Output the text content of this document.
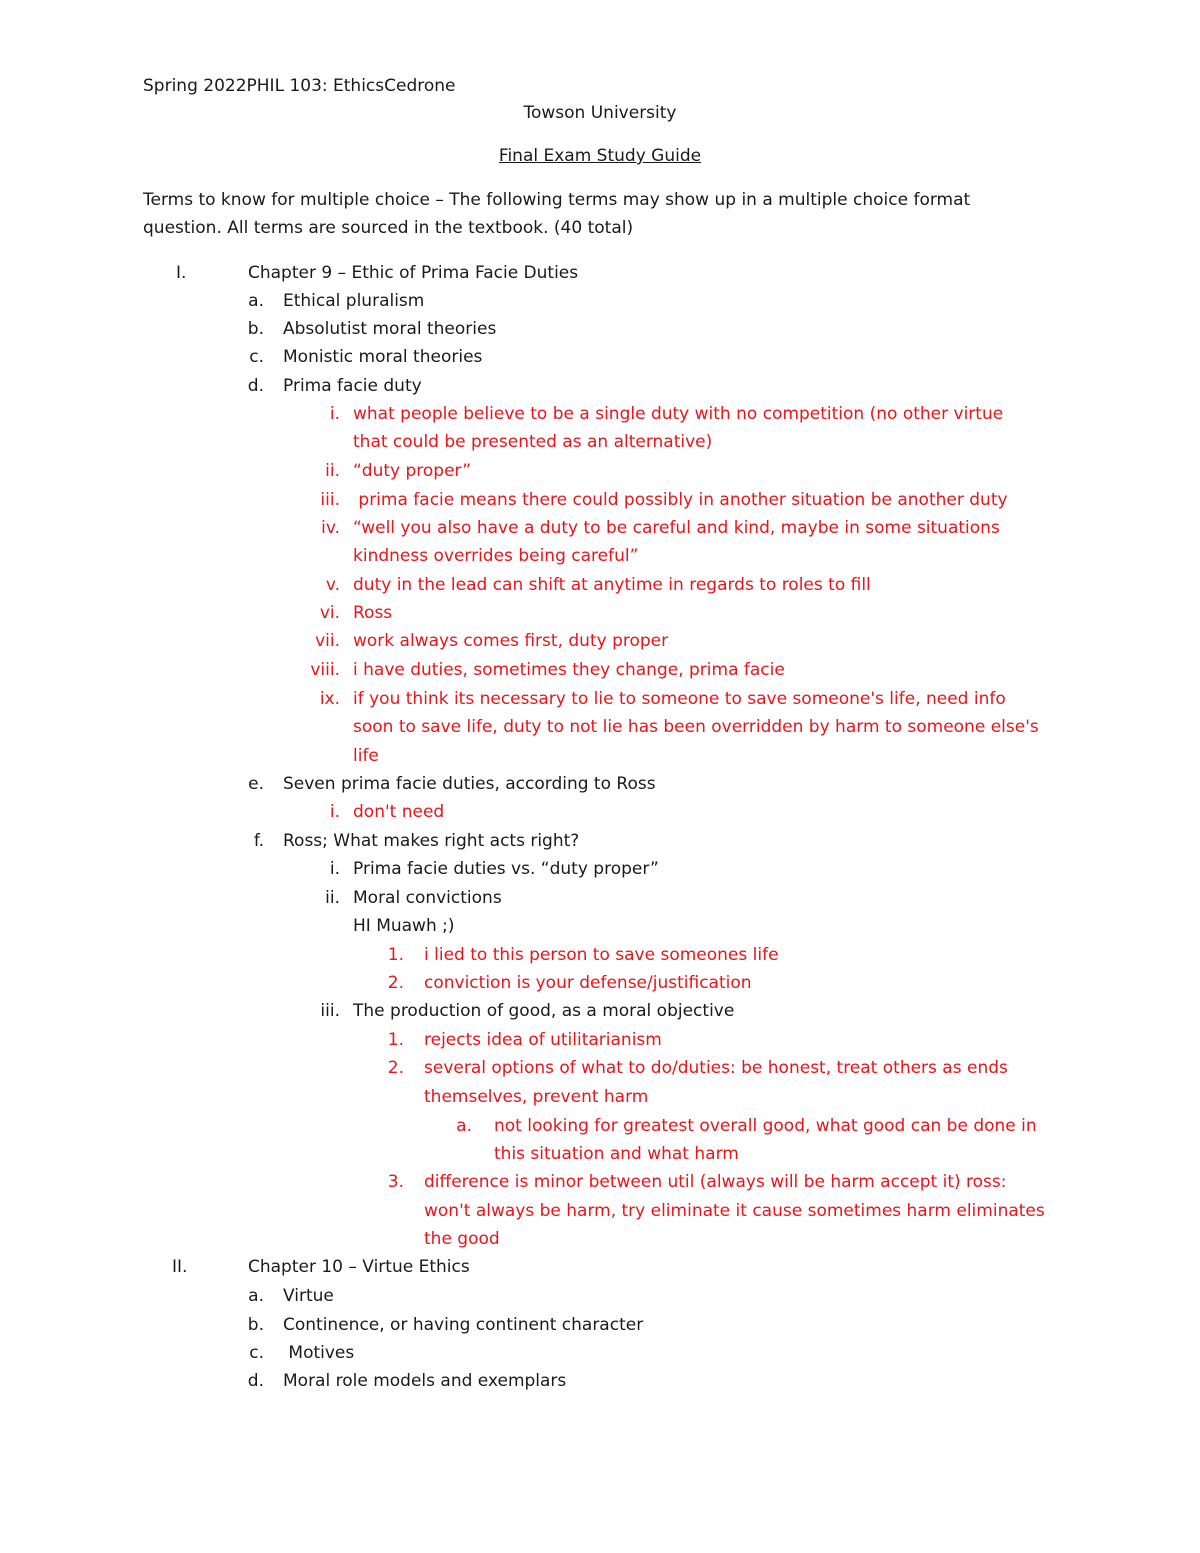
Spring 2022PHIL 103: EthicsCedrone
Towson University
Final Exam Study Guide
Terms to know for multiple choice – The following terms may show up in a multiple choice format
question. All terms are sourced in the textbook. (40 total)
I.	Chapter 9 – Ethic of Prima Facie Duties
a. Ethical pluralism
b. Absolutist moral theories
c. Monistic moral theories
d. Prima facie duty
i. what people believe to be a single duty with no competition (no other virtue
that could be presented as an alternative)
ii. “duty proper”
iii. prima facie means there could possibly in another situation be another duty
iv. “well you also have a duty to be careful and kind, maybe in some situations
kindness overrides being careful”
v. duty in the lead can shift at anytime in regards to roles to fill
vi. Ross
vii. work always comes first, duty proper
viii. i have duties, sometimes they change, prima facie
ix. if you think its necessary to lie to someone to save someone's life, need info
soon to save life, duty to not lie has been overridden by harm to someone else's
life
e. Seven prima facie duties, according to Ross
i. don't need
f. Ross; What makes right acts right?
i. Prima facie duties vs. “duty proper”
ii. Moral convictions
HI Muawh ;)
1. i lied to this person to save someones life
2. conviction is your defense/justification
iii. The production of good, as a moral objective
1. rejects idea of utilitarianism
2. several options of what to do/duties: be honest, treat others as ends
themselves, prevent harm
a. not looking for greatest overall good, what good can be done in
this situation and what harm
3. difference is minor between util (always will be harm accept it) ross:
won't always be harm, try eliminate it cause sometimes harm eliminates
the good
II.	Chapter 10 – Virtue Ethics
a. Virtue
b. Continence, or having continent character
c. Motives
d. Moral role models and exemplars
